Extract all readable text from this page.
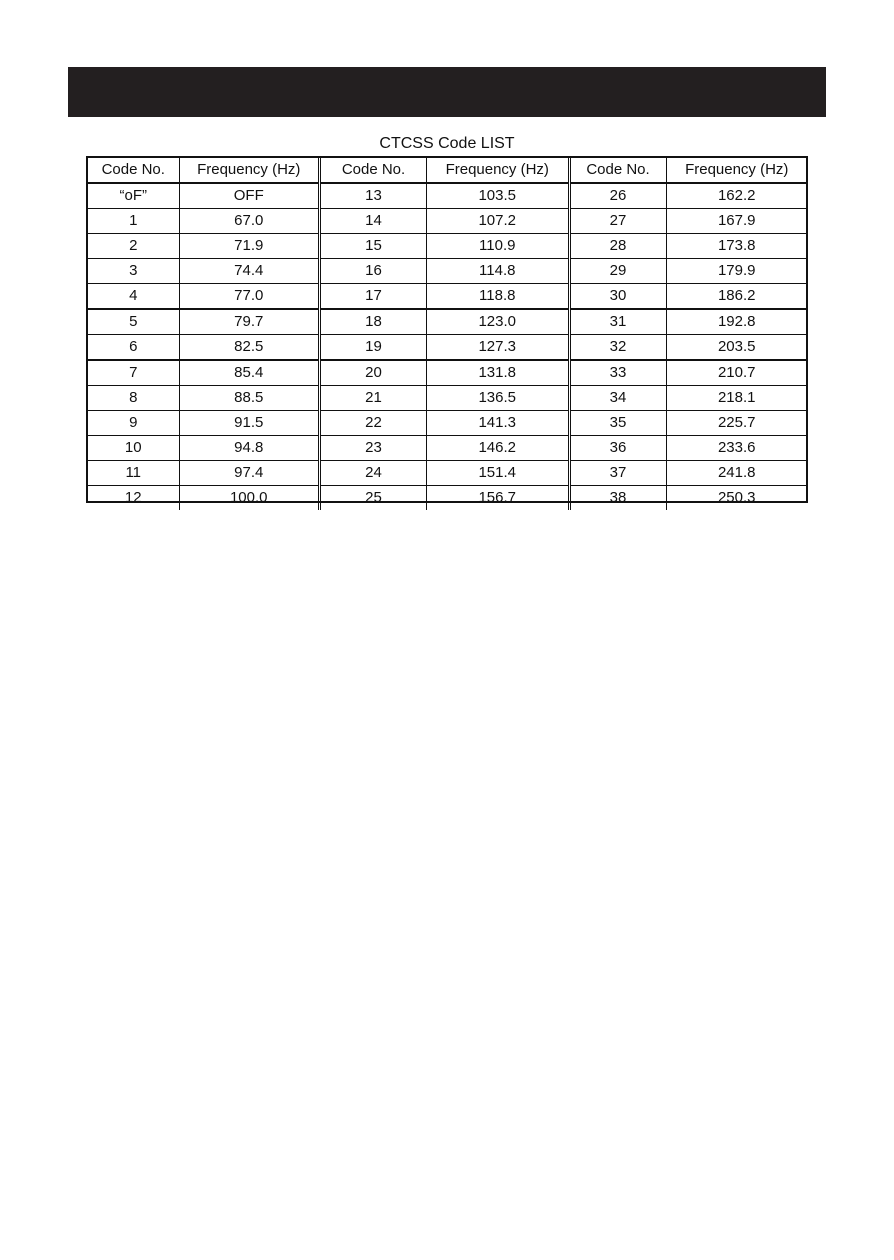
CTCSS Code LIST
Code No.	Frequency (Hz)
“oF”	OFF
1	67.0
2	71.9
3	74.4
4	77.0
5	79.7
6	82.5
7	85.4
8	88.5
9	91.5
10	94.8
11	97.4
12	100.0
Code No.	Frequency (Hz)
13	103.5
14	107.2
15	110.9
16	114.8
17	118.8
18	123.0
19	127.3
20	131.8
21	136.5
22	141.3
23	146.2
24	151.4
25	156.7
Code No.	Frequency (Hz)
26	162.2
27	167.9
28	173.8
29	179.9
30	186.2
31	192.8
32	203.5
33	210.7
34	218.1
35	225.7
36	233.6
37	241.8
38	250.3
